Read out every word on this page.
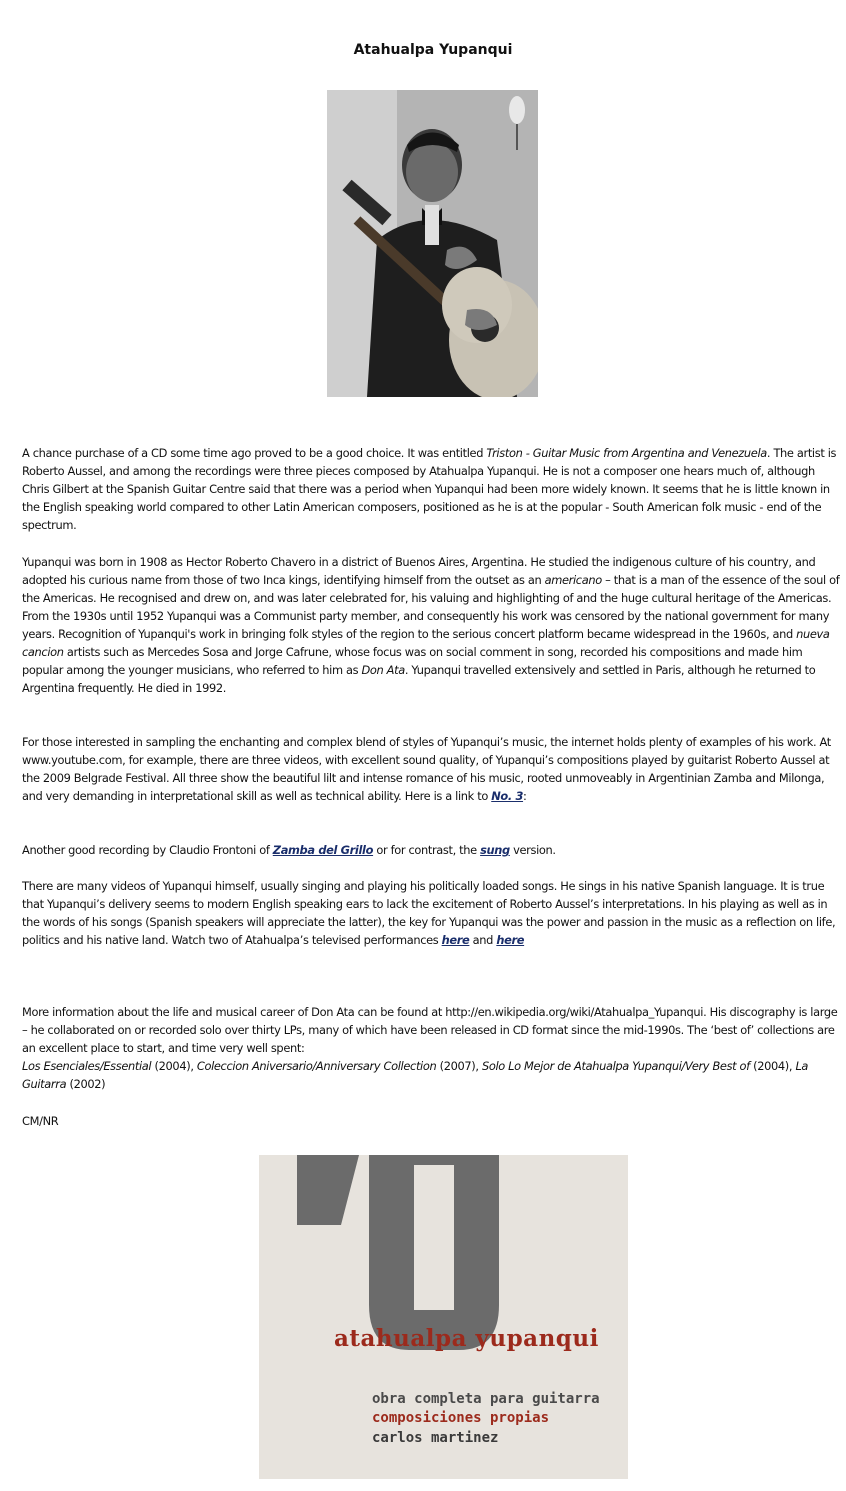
Atahualpa Yupanqui

A chance purchase of a CD some time ago proved to be a good choice. It was entitled Triston - Guitar Music from Argentina and Venezuela. The artist is Roberto Aussel, and among the recordings were three pieces composed by Atahualpa Yupanqui. He is not a composer one hears much of, although Chris Gilbert at the Spanish Guitar Centre said that there was a period when Yupanqui had been more widely known. It seems that he is little known in the English speaking world compared to other Latin American composers, positioned as he is at the popular - South American folk music - end of the spectrum.

Yupanqui was born in 1908 as Hector Roberto Chavero in a district of Buenos Aires, Argentina. He studied the indigenous culture of his country, and adopted his curious name from those of two Inca kings, identifying himself from the outset as an americano – that is a man of the essence of the soul of the Americas. He recognised and drew on, and was later celebrated for, his valuing and highlighting of and the huge cultural heritage of the Americas. From the 1930s until 1952 Yupanqui was a Communist party member, and consequently his work was censored by the national government for many years. Recognition of Yupanqui's work in bringing folk styles of the region to the serious concert platform became widespread in the 1960s, and nueva cancion artists such as Mercedes Sosa and Jorge Cafrune, whose focus was on social comment in song, recorded his compositions and made him popular among the younger musicians, who referred to him as Don Ata. Yupanqui travelled extensively and settled in Paris, although he returned to Argentina frequently. He died in 1992.

For those interested in sampling the enchanting and complex blend of styles of Yupanqui’s music, the internet holds plenty of examples of his work. At www.youtube.com, for example, there are three videos, with excellent sound quality, of Yupanqui’s compositions played by guitarist Roberto Aussel at the 2009 Belgrade Festival. All three show the beautiful lilt and intense romance of his music, rooted unmoveably in Argentinian Zamba and Milonga, and very demanding in interpretational skill as well as technical ability. Here is a link to No. 3:

Another good recording by Claudio Frontoni of Zamba del Grillo or for contrast, the sung version.

There are many videos of Yupanqui himself, usually singing and playing his politically loaded songs. He sings in his native Spanish language. It is true that Yupanqui’s delivery seems to modern English speaking ears to lack the excitement of Roberto Aussel’s interpretations. In his playing as well as in the words of his songs (Spanish speakers will appreciate the latter), the key for Yupanqui was the power and passion in the music as a reflection on life, politics and his native land. Watch two of Atahualpa’s televised performances here and here

More information about the life and musical career of Don Ata can be found at http://en.wikipedia.org/wiki/Atahualpa_Yupanqui. His discography is large – he collaborated on or recorded solo over thirty LPs, many of which have been released in CD format since the mid-1990s. The ‘best of’ collections are an excellent place to start, and time very well spent:
Los Esenciales/Essential (2004), Coleccion Aniversario/Anniversary Collection (2007), Solo Lo Mejor de Atahualpa Yupanqui/Very Best of (2004), La Guitarra (2002)

CM/NR
atahualpa yupanqui
obra completa para guitarra
composiciones propias
carlos martinez
